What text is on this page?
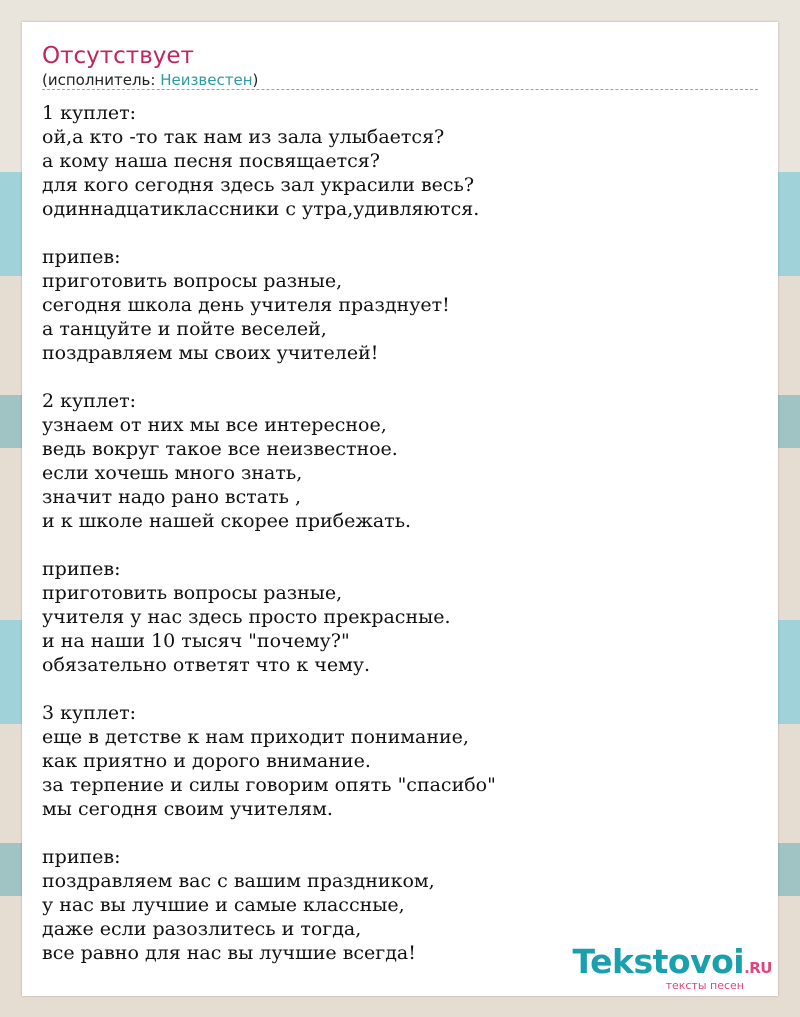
Отсутствует
(исполнитель: Неизвестен)
1 куплет:
ой,а кто -то так нам из зала улыбается?
а кому наша песня посвящается?
для кого сегодня здесь зал украсили весь?
одиннадцатиклассники с утра,удивляются.
припев:
приготовить вопросы разные,
сегодня школа день учителя празднует!
а танцуйте и пойте веселей,
поздравляем мы своих учителей!
2 куплет:
узнаем от них мы все интересное,
ведь вокруг такое все неизвестное.
если хочешь много знать,
значит надо рано встать ,
и к школе нашей скорее прибежать.
припев:
приготовить вопросы разные,
учителя у нас здесь просто прекрасные.
и на наши 10 тысяч "почему?"
обязательно ответят что к чему.
3 куплет:
еще в детстве к нам приходит понимание,
как приятно и дорого внимание.
за терпение и силы говорим опять "спасибо"
мы сегодня своим учителям.
припев:
поздравляем вас с вашим праздником,
у нас вы лучшие и самые классные,
даже если разозлитесь и тогда,
все равно для нас вы лучшие всегда!	Tekstovoi.RU
тексты песен
